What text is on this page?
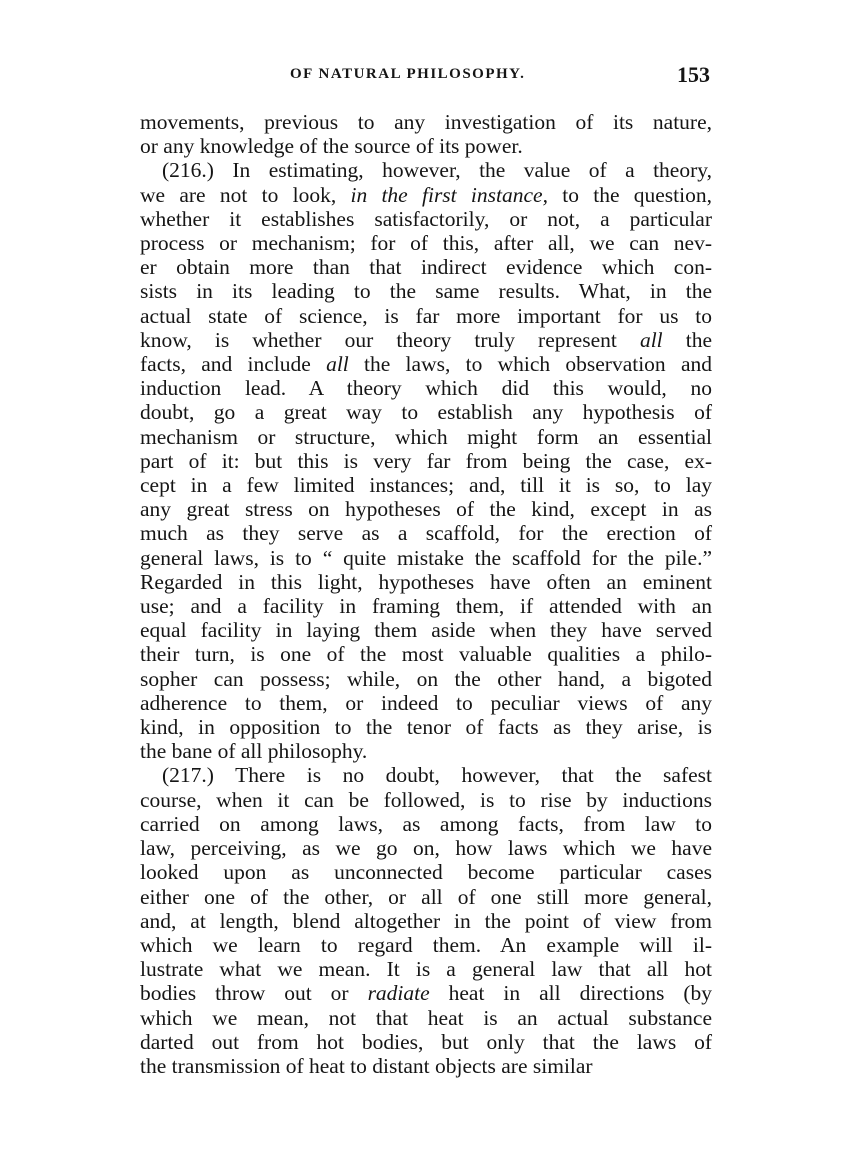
OF NATURAL PHILOSOPHY.	153
movements, previous to any investigation of its nature,
or any knowledge of the source of its power.
(216.) In estimating, however, the value of a theory,
we are not to look, in the first instance, to the question,
whether it establishes satisfactorily, or not, a particular
process or mechanism; for of this, after all, we can nev-
er obtain more than that indirect evidence which con-
sists in its leading to the same results. What, in the
actual state of science, is far more important for us to
know, is whether our theory truly represent all the
facts, and include all the laws, to which observation and
induction lead. A theory which did this would, no
doubt, go a great way to establish any hypothesis of
mechanism or structure, which might form an essential
part of it: but this is very far from being the case, ex-
cept in a few limited instances; and, till it is so, to lay
any great stress on hypotheses of the kind, except in as
much as they serve as a scaffold, for the erection of
general laws, is to “ quite mistake the scaffold for the pile.”
Regarded in this light, hypotheses have often an eminent
use; and a facility in framing them, if attended with an
equal facility in laying them aside when they have served
their turn, is one of the most valuable qualities a philo-
sopher can possess; while, on the other hand, a bigoted
adherence to them, or indeed to peculiar views of any
kind, in opposition to the tenor of facts as they arise, is
the bane of all philosophy.
(217.) There is no doubt, however, that the safest
course, when it can be followed, is to rise by inductions
carried on among laws, as among facts, from law to
law, perceiving, as we go on, how laws which we have
looked upon as unconnected become particular cases
either one of the other, or all of one still more general,
and, at length, blend altogether in the point of view from
which we learn to regard them. An example will il-
lustrate what we mean. It is a general law that all hot
bodies throw out or radiate heat in all directions (by
which we mean, not that heat is an actual substance
darted out from hot bodies, but only that the laws of
the transmission of heat to distant objects are similar
